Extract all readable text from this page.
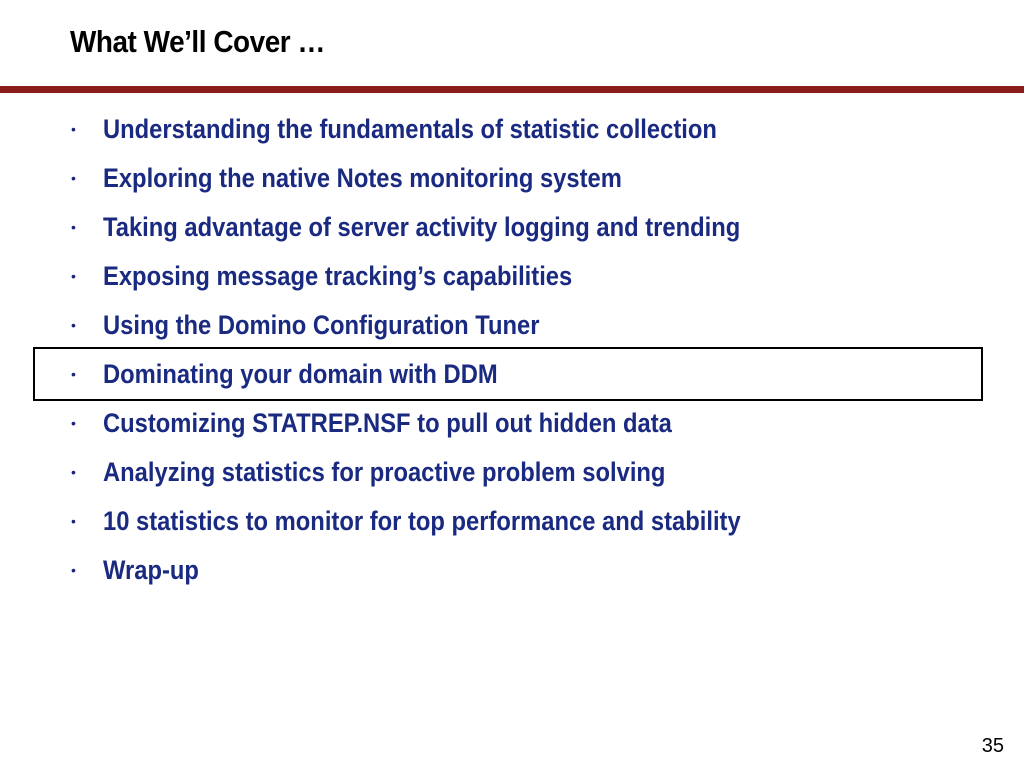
What We’ll Cover …
• Understanding the fundamentals of statistic collection
• Exploring the native Notes monitoring system
• Taking advantage of server activity logging and trending
• Exposing message tracking’s capabilities
• Using the Domino Configuration Tuner
• Dominating your domain with DDM
• Customizing STATREP.NSF to pull out hidden data
• Analyzing statistics for proactive problem solving
• 10 statistics to monitor for top performance and stability
• Wrap-up
35
